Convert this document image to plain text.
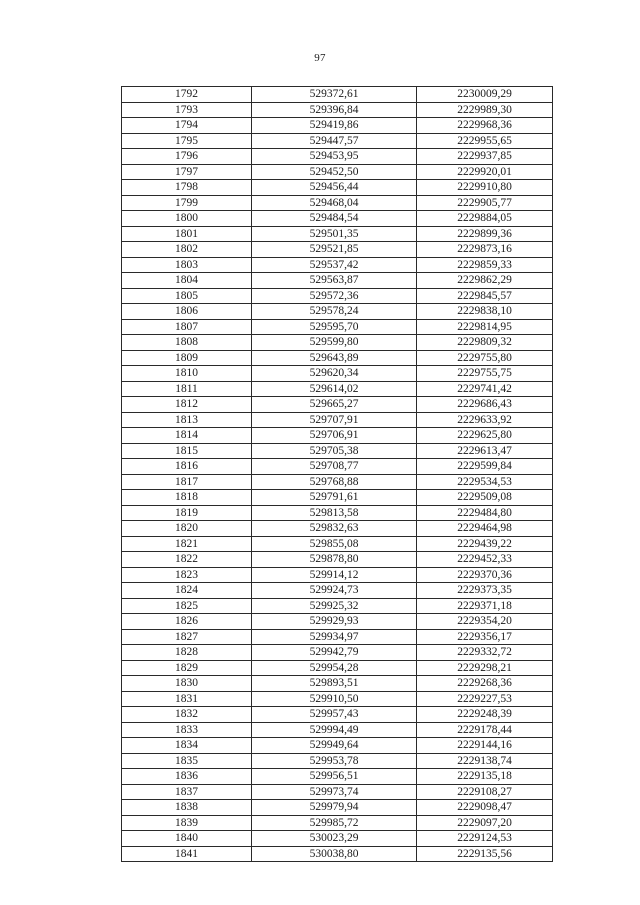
97
1792	529372,61	2230009,29
1793	529396,84	2229989,30
1794	529419,86	2229968,36
1795	529447,57	2229955,65
1796	529453,95	2229937,85
1797	529452,50	2229920,01
1798	529456,44	2229910,80
1799	529468,04	2229905,77
1800	529484,54	2229884,05
1801	529501,35	2229899,36
1802	529521,85	2229873,16
1803	529537,42	2229859,33
1804	529563,87	2229862,29
1805	529572,36	2229845,57
1806	529578,24	2229838,10
1807	529595,70	2229814,95
1808	529599,80	2229809,32
1809	529643,89	2229755,80
1810	529620,34	2229755,75
1811	529614,02	2229741,42
1812	529665,27	2229686,43
1813	529707,91	2229633,92
1814	529706,91	2229625,80
1815	529705,38	2229613,47
1816	529708,77	2229599,84
1817	529768,88	2229534,53
1818	529791,61	2229509,08
1819	529813,58	2229484,80
1820	529832,63	2229464,98
1821	529855,08	2229439,22
1822	529878,80	2229452,33
1823	529914,12	2229370,36
1824	529924,73	2229373,35
1825	529925,32	2229371,18
1826	529929,93	2229354,20
1827	529934,97	2229356,17
1828	529942,79	2229332,72
1829	529954,28	2229298,21
1830	529893,51	2229268,36
1831	529910,50	2229227,53
1832	529957,43	2229248,39
1833	529994,49	2229178,44
1834	529949,64	2229144,16
1835	529953,78	2229138,74
1836	529956,51	2229135,18
1837	529973,74	2229108,27
1838	529979,94	2229098,47
1839	529985,72	2229097,20
1840	530023,29	2229124,53
1841	530038,80	2229135,56
